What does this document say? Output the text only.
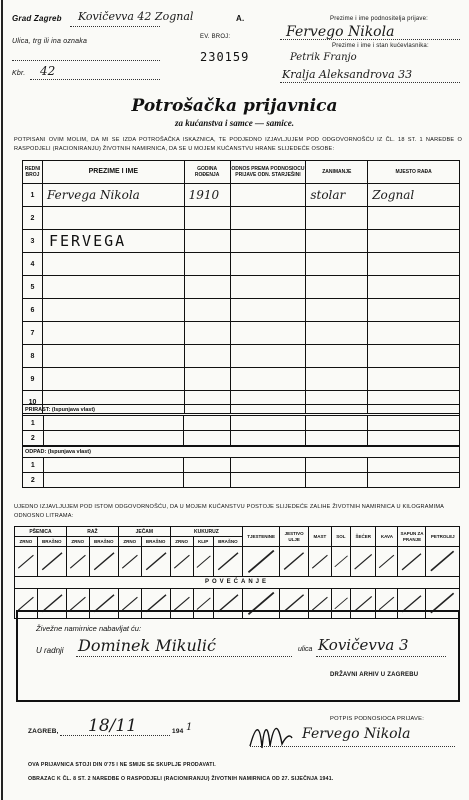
Grad Zagreb Kovičevva 42 Zognal
Ulica, trg ili ina oznaka
Kbr. 42
A.
EV. BROJ:
230159
Prezime i ime podnositelja prijave:
Fervego Nikola
Prezime i ime i stan kućevlasnika:
Petrik Franjo
Kralja Aleksandrova 33
Potrošačka prijavnica
za kućanstva i samce — samice.
POTPISANI OVIM MOLIM, DA MI SE IZDA POTROŠAČKA ISKAZNICA, TE PODJEDNO IZJAVLJUJEM POD ODGOVORNOŠĆU IZ ČL. 18 ST. 1 NAREDBE O RASPODJELI (RACIONIRANJU) ŽIVOTNIH NAMIRNICA, DA SE U MOJEM KUĆANSTVU HRANE SLIJEDEĆE OSOBE:
REDNI BROJ	PREZIME I IME	GODINA ROĐENJA	ODNOS PREMA PODNOSIOCU PRIJAVE ODN. STARJEŠINI	ZANIMANJE	MJESTO RAĐA
1	Fervega Nikola	1910		stolar	Zognal
2					
3	FERVEGA				
4					
5					
6					
7					
8					
9					
10					
PRIRAST: (Ispunjava vlast)					
1					
2					
ODPAD: (Ispunjava vlast)					
1					
2					
UJEDNO IZJAVLJUJEM POD ISTOM ODGOVORNOŠĆU, DA U MOJEM KUĆANSTVU POSTOJE SLIJEDEĆE ZALIHE ŽIVOTNIH NAMIRNICA U KILOGRAMIMA ODNOSNO LITRAMA:
PŠENICA		RAŽ		JEČAM		KUKURUZ			TJESTENINE	JESTIVO ULJE	MAST	SOL	ŠEĆER	KAVA	SAPUN ZA PRANJE	PETROLEJ
ZRNO	BRAŠNO	ZRNO	BRAŠNO	ZRNO	BRAŠNO	ZRNO	KLIP	BRAŠNO								

POVEĆANJE																

Živežne namirnice nabavljat ću:
U radnji Dominek Mikulić	ulica Kovičevva 3
DRŽAVNI ARHIV U ZAGREBU
ZAGREB, 18/11	194 1
POTPIS PODNOSIOCA PRIJAVE:
Fervego Nikola
OVA PRIJAVNICA STOJI DIN 0'75 I NE SMIJE SE SKUPLJE PRODAVATI.
OBRAZAC K ČL. 8 ST. 2 NAREDBE O RASPODJELI (RACIONIRANJU) ŽIVOTNIH NAMIRNICA OD 27. SIJEČNJA 1941.
